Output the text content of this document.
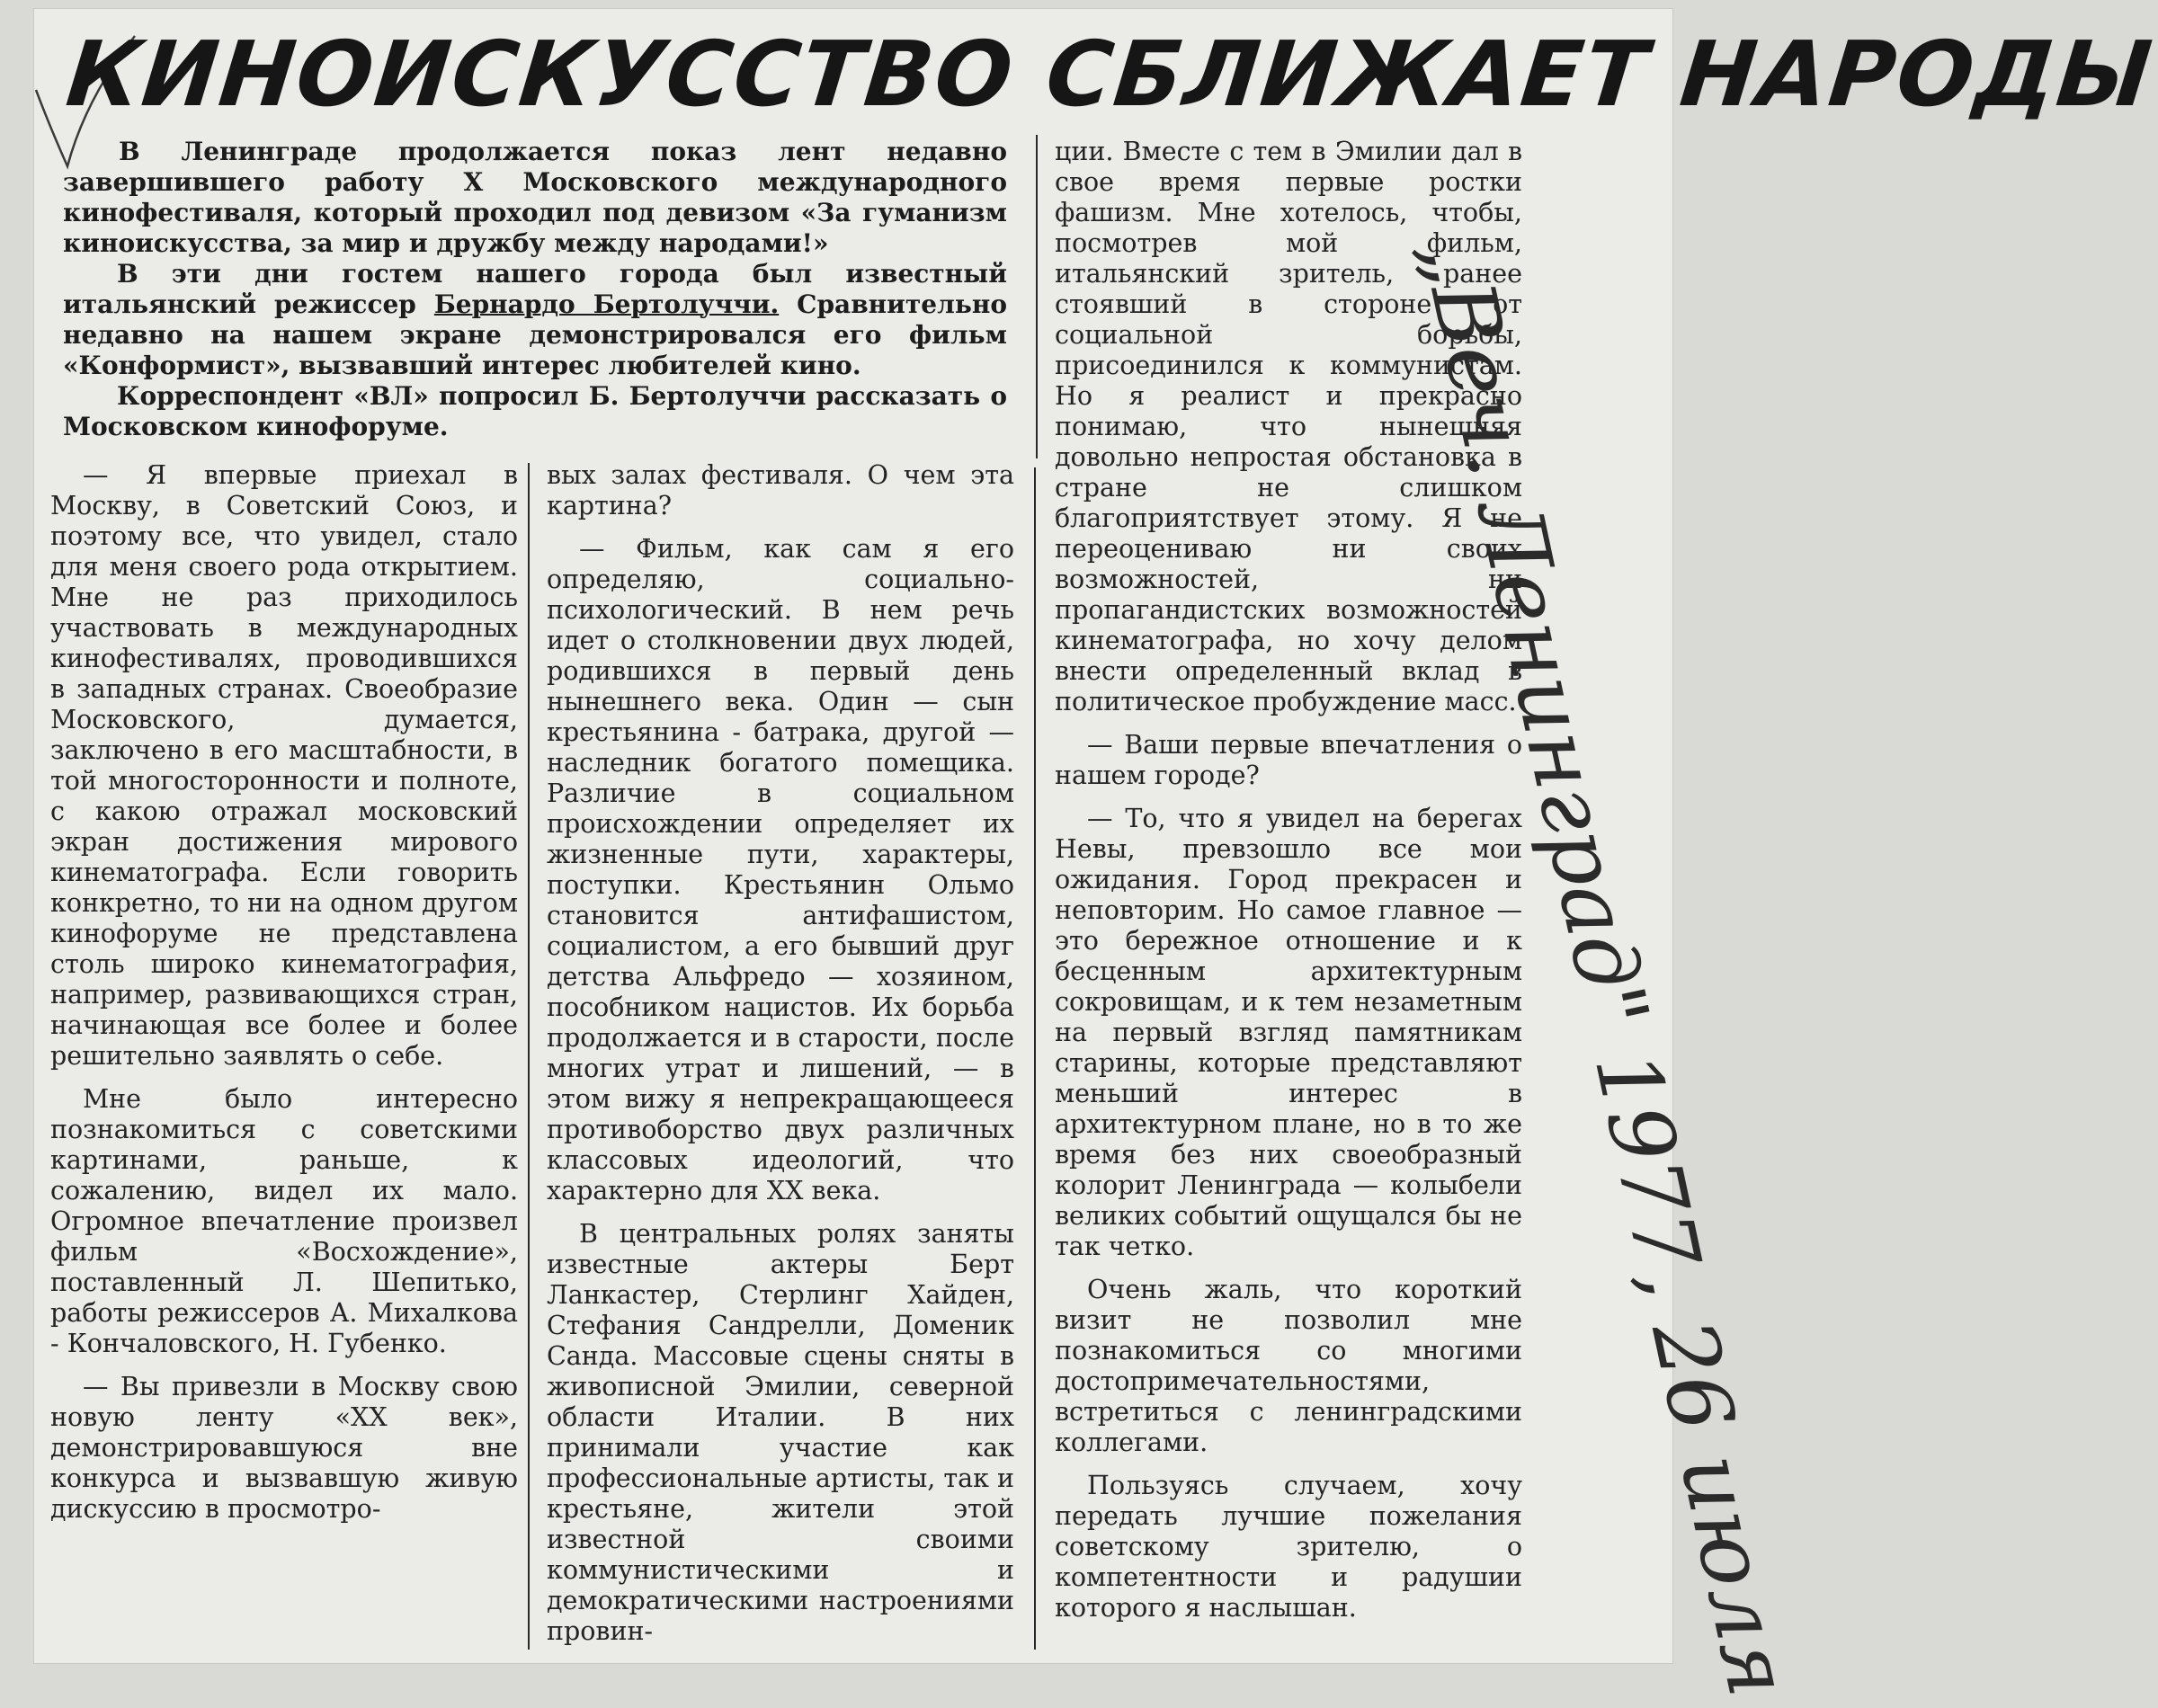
КИНОИСКУССТВО СБЛИЖАЕТ НАРОДЫ

В Ленинграде продолжается показ лент недавно завершившего работу X Московского международного кинофестиваля, который проходил под девизом «За гуманизм киноискусства, за мир и дружбу между народами!»

В эти дни гостем нашего города был известный итальянский режиссер Бернардо Бертолуччи. Сравнительно недавно на нашем экране демонстрировался его фильм «Конформист», вызвавший интерес любителей кино.

Корреспондент «ВЛ» попросил Б. Бертолуччи рассказать о Московском кинофоруме.

— Я впервые приехал в Москву, в Советский Союз, и поэтому все, что увидел, стало для меня своего рода открытием. Мне не раз приходилось участвовать в международных кинофестивалях, проводившихся в западных странах. Своеобразие Московского, думается, заключено в его масштабности, в той многосторонности и полноте, с какою отражал московский экран достижения мирового кинематографа. Если говорить конкретно, то ни на одном другом кинофоруме не представлена столь широко кинематография, например, развивающихся стран, начинающая все более и более решительно заявлять о себе.

Мне было интересно познакомиться с советскими картинами, раньше, к сожалению, видел их мало. Огромное впечатление произвел фильм «Восхождение», поставленный Л. Шепитько, работы режиссеров А. Михалкова - Кончаловского, Н. Губенко.

— Вы привезли в Москву свою новую ленту «ХХ век», демонстрировавшуюся вне конкурса и вызвавшую живую дискуссию в просмотро-

вых залах фестиваля. О чем эта картина?

— Фильм, как сам я его определяю, социально-психологический. В нем речь идет о столкновении двух людей, родившихся в первый день нынешнего века. Один — сын крестьянина - батрака, другой — наследник богатого помещика. Различие в социальном происхождении определяет их жизненные пути, характеры, поступки. Крестьянин Ольмо становится антифашистом, социалистом, а его бывший друг детства Альфредо — хозяином, пособником нацистов. Их борьба продолжается и в старости, после многих утрат и лишений, — в этом вижу я непрекращающееся противоборство двух различных классовых идеологий, что характерно для XX века.

В центральных ролях заняты известные актеры Берт Ланкастер, Стерлинг Хайден, Стефания Сандрелли, Доменик Санда. Массовые сцены сняты в живописной Эмилии, северной области Италии. В них принимали участие как профессиональные артисты, так и крестьяне, жители этой известной своими коммунистическими и демократическими настроениями провин-

ции. Вместе с тем в Эмилии дал в свое время первые ростки фашизм. Мне хотелось, чтобы, посмотрев мой фильм, итальянский зритель, ранее стоявший в стороне от социальной борьбы, присоединился к коммунистам. Но я реалист и прекрасно понимаю, что нынешняя довольно непростая обстановка в стране не слишком благоприятствует этому. Я не переоцениваю ни своих возможностей, ни пропагандистских возможностей кинематографа, но хочу делом внести определенный вклад в политическое пробуждение масс.

— Ваши первые впечатления о нашем городе?

— То, что я увидел на берегах Невы, превзошло все мои ожидания. Город прекрасен и неповторим. Но самое главное — это бережное отношение и к бесценным архитектурным сокровищам, и к тем незаметным на первый взгляд памятникам старины, которые представляют меньший интерес в архитектурном плане, но в то же время без них своеобразный колорит Ленинграда — колыбели великих событий ощущался бы не так четко.

Очень жаль, что короткий визит не позволил мне познакомиться со многими достопримечательностями, встретиться с ленинградскими коллегами.

Пользуясь случаем, хочу передать лучшие пожелания советскому зрителю, о компетентности и радушии которого я наслышан. „Веч. Ленинград" 1977, 26 июля
